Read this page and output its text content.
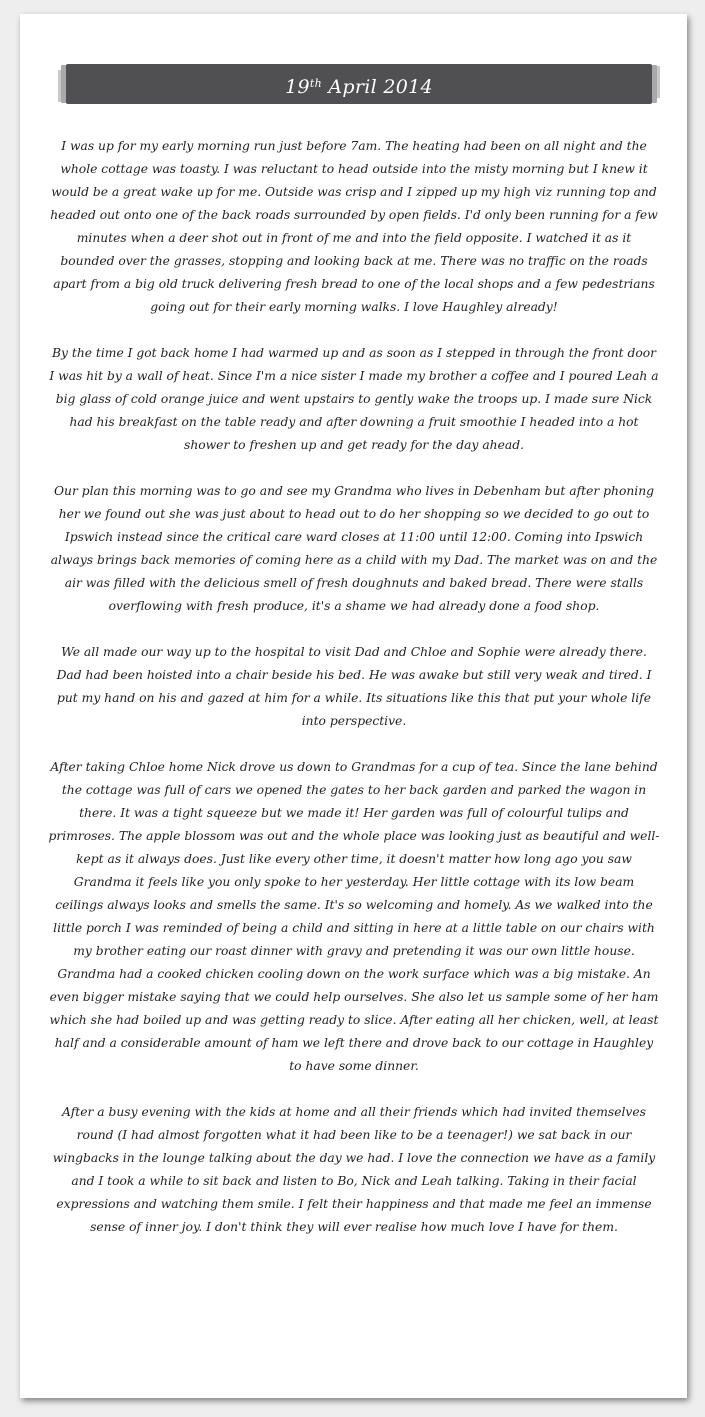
19th April 2014

I was up for my early morning run just before 7am. The heating had been on all night and the whole cottage was toasty. I was reluctant to head outside into the misty morning but I knew it would be a great wake up for me. Outside was crisp and I zipped up my high viz running top and headed out onto one of the back roads surrounded by open fields. I'd only been running for a few minutes when a deer shot out in front of me and into the field opposite. I watched it as it bounded over the grasses, stopping and looking back at me. There was no traffic on the roads apart from a big old truck delivering fresh bread to one of the local shops and a few pedestrians going out for their early morning walks. I love Haughley already!

By the time I got back home I had warmed up and as soon as I stepped in through the front door I was hit by a wall of heat. Since I'm a nice sister I made my brother a coffee and I poured Leah a big glass of cold orange juice and went upstairs to gently wake the troops up. I made sure Nick had his breakfast on the table ready and after downing a fruit smoothie I headed into a hot shower to freshen up and get ready for the day ahead.

Our plan this morning was to go and see my Grandma who lives in Debenham but after phoning her we found out she was just about to head out to do her shopping so we decided to go out to Ipswich instead since the critical care ward closes at 11:00 until 12:00. Coming into Ipswich always brings back memories of coming here as a child with my Dad. The market was on and the air was filled with the delicious smell of fresh doughnuts and baked bread. There were stalls overflowing with fresh produce, it's a shame we had already done a food shop.

We all made our way up to the hospital to visit Dad and Chloe and Sophie were already there. Dad had been hoisted into a chair beside his bed. He was awake but still very weak and tired. I put my hand on his and gazed at him for a while. Its situations like this that put your whole life into perspective.

After taking Chloe home Nick drove us down to Grandmas for a cup of tea. Since the lane behind the cottage was full of cars we opened the gates to her back garden and parked the wagon in there. It was a tight squeeze but we made it! Her garden was full of colourful tulips and primroses. The apple blossom was out and the whole place was looking just as beautiful and well-kept as it always does. Just like every other time, it doesn't matter how long ago you saw Grandma it feels like you only spoke to her yesterday. Her little cottage with its low beam ceilings always looks and smells the same. It's so welcoming and homely. As we walked into the little porch I was reminded of being a child and sitting in here at a little table on our chairs with my brother eating our roast dinner with gravy and pretending it was our own little house. Grandma had a cooked chicken cooling down on the work surface which was a big mistake. An even bigger mistake saying that we could help ourselves. She also let us sample some of her ham which she had boiled up and was getting ready to slice. After eating all her chicken, well, at least half and a considerable amount of ham we left there and drove back to our cottage in Haughley to have some dinner.

After a busy evening with the kids at home and all their friends which had invited themselves round (I had almost forgotten what it had been like to be a teenager!) we sat back in our wingbacks in the lounge talking about the day we had. I love the connection we have as a family and I took a while to sit back and listen to Bo, Nick and Leah talking. Taking in their facial expressions and watching them smile. I felt their happiness and that made me feel an immense sense of inner joy. I don't think they will ever realise how much love I have for them.
